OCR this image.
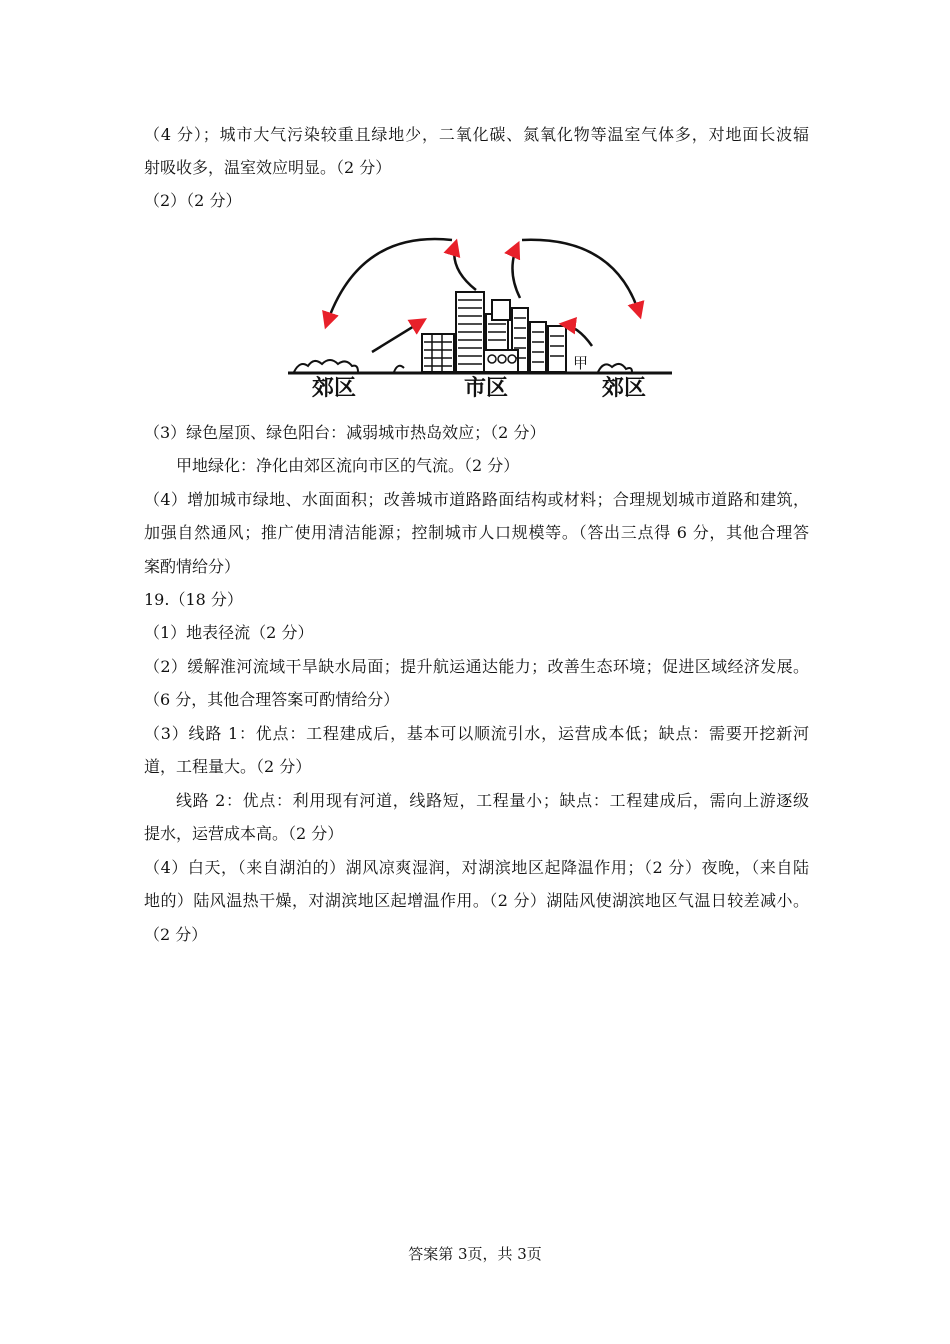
（4 分）；城市大气污染较重且绿地少，二氧化碳、氮氧化物等温室气体多，对地面长波辐
射吸收多，温室效应明显。（2 分）
（2）（2 分）
甲
郊区	市区	郊区
（3）绿色屋顶、绿色阳台：减弱城市热岛效应；（2 分）
甲地绿化：净化由郊区流向市区的气流。（2 分）
（4）增加城市绿地、水面面积；改善城市道路路面结构或材料；合理规划城市道路和建筑，
加强自然通风；推广使用清洁能源；控制城市人口规模等。（答出三点得 6 分，其他合理答
案酌情给分）
19.（18 分）
（1）地表径流（2 分）
（2）缓解淮河流域干旱缺水局面；提升航运通达能力；改善生态环境；促进区域经济发展。
（6 分，其他合理答案可酌情给分）
（3）线路 1：优点：工程建成后，基本可以顺流引水，运营成本低；缺点：需要开挖新河
道，工程量大。（2 分）
线路 2：优点：利用现有河道，线路短，工程量小；缺点：工程建成后，需向上游逐级
提水，运营成本高。（2 分）
（4）白天，（来自湖泊的）湖风凉爽湿润，对湖滨地区起降温作用；（2 分）夜晚，（来自陆
地的）陆风温热干燥，对湖滨地区起增温作用。（2 分）湖陆风使湖滨地区气温日较差减小。
（2 分）
答案第 3页，共 3页
